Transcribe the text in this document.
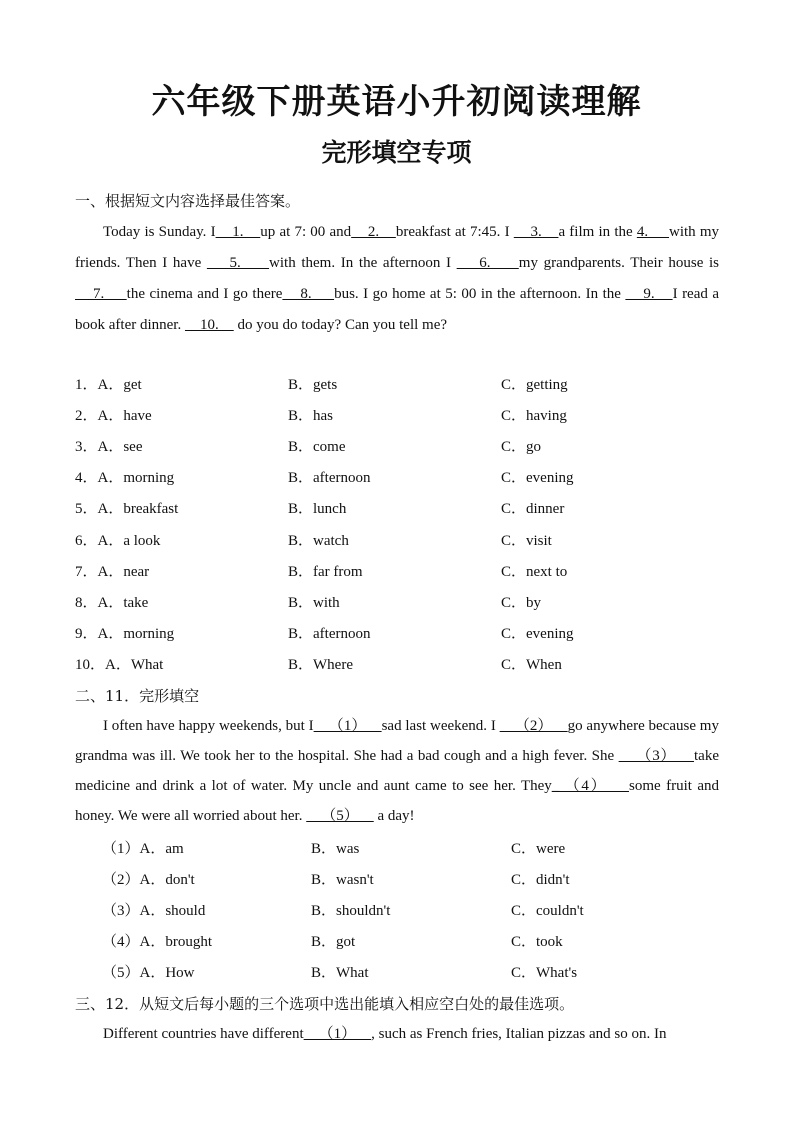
六年级下册英语小升初阅读理解
完形填空专项
一、根据短文内容选择最佳答案。

Today is Sunday. I    1.    up at 7: 00 and    2.    breakfast at 7:45. I     3.    a film in the 4.     with my friends. Then I have     5.     with them. In the afternoon I     6.     my grandparents. Their house is     7.     the cinema and I go there    8.     bus. I go home at 5: 00 in the afternoon. In the     9.    I read a book after dinner.     10.     do you do today? Can you tell me?

1．A．get	B．gets	C．getting
2．A．have	B．has	C．having
3．A．see	B．come	C．go
4．A．morning	B．afternoon	C．evening
5．A．breakfast	B．lunch	C．dinner
6．A．a look	B．watch	C．visit
7．A．near	B．far from	C．next to
8．A．take	B．with	C．by
9．A．morning	B．afternoon	C．evening
10．A．What	B．Where	C．When
二、11．完形填空

I often have happy weekends, but I    （1）    sad last weekend. I     （2）    go anywhere because my grandma was ill. We took her to the hospital. She had a bad cough and a high fever. She     （3）    take medicine and drink a lot of water. My uncle and aunt came to see her. They_ （4）    some fruit and honey. We were all worried about her.     （5）     a day!

（1）A．am	B．was	C．were
（2）A．don't	B．wasn't	C．didn't
（3）A．should	B．shouldn't	C．couldn't
（4）A．brought	B．got	C．took
（5）A．How	B．What	C．What's
三、12．从短文后每小题的三个选项中选出能填入相应空白处的最佳选项。

Different countries have different    （1）    , such as French fries, Italian pizzas and so on. In
